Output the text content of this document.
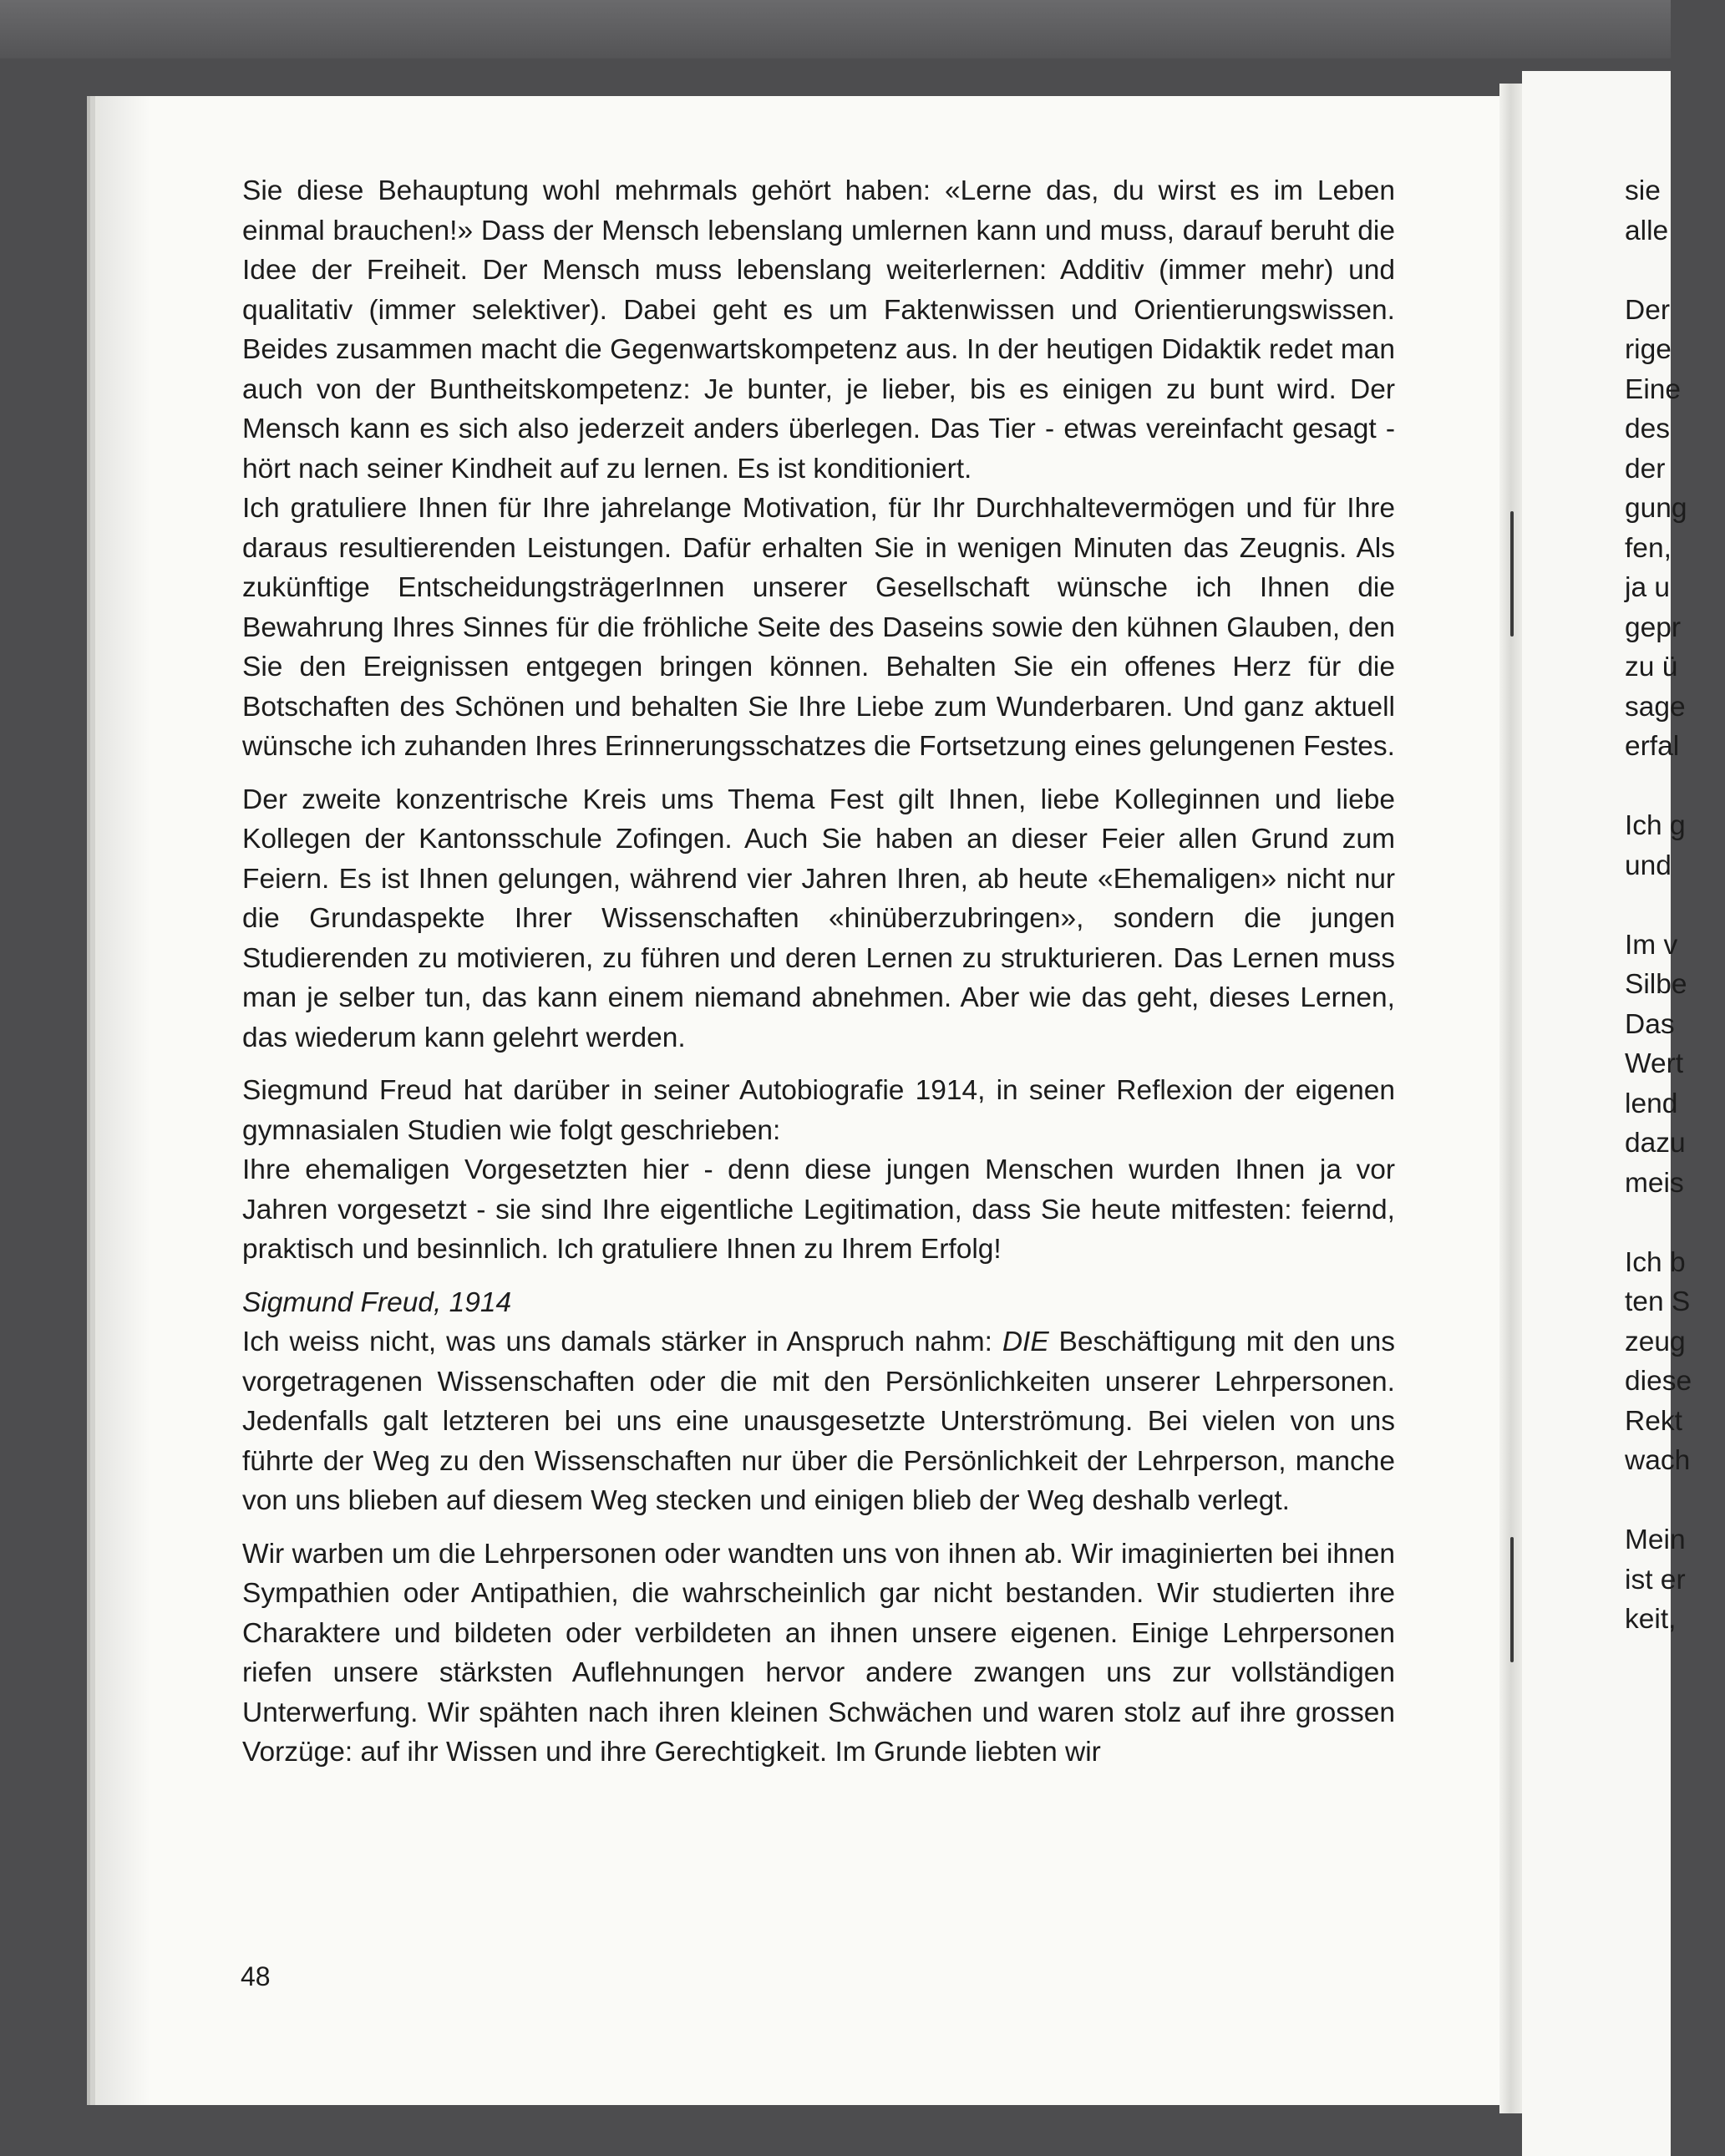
Sie diese Behauptung wohl mehrmals gehört haben: «Lerne das, du wirst es im Leben einmal brauchen!» Dass der Mensch lebenslang umlernen kann und muss, darauf beruht die Idee der Freiheit. Der Mensch muss lebenslang weiterlernen: Additiv (immer mehr) und qualitativ (immer selektiver). Dabei geht es um Faktenwissen und Orientierungswissen. Beides zusammen macht die Gegenwartskompetenz aus. In der heutigen Didaktik redet man auch von der Buntheitskompetenz: Je bunter, je lieber, bis es einigen zu bunt wird. Der Mensch kann es sich also jederzeit anders überlegen. Das Tier - etwas vereinfacht gesagt - hört nach seiner Kindheit auf zu lernen. Es ist konditioniert.

Ich gratuliere Ihnen für Ihre jahrelange Motivation, für Ihr Durchhaltevermögen und für Ihre daraus resultierenden Leistungen. Dafür erhalten Sie in wenigen Minuten das Zeugnis. Als zukünftige EntscheidungsträgerInnen unserer Gesellschaft wünsche ich Ihnen die Bewahrung Ihres Sinnes für die fröhliche Seite des Daseins sowie den kühnen Glauben, den Sie den Ereignissen entgegen bringen können. Behalten Sie ein offenes Herz für die Botschaften des Schönen und behalten Sie Ihre Liebe zum Wunderbaren. Und ganz aktuell wünsche ich zuhanden Ihres Erinnerungsschatzes die Fortsetzung eines gelungenen Festes.

Der zweite konzentrische Kreis ums Thema Fest gilt Ihnen, liebe Kolleginnen und liebe Kollegen der Kantonsschule Zofingen. Auch Sie haben an dieser Feier allen Grund zum Feiern. Es ist Ihnen gelungen, während vier Jahren Ihren, ab heute «Ehemaligen» nicht nur die Grundaspekte Ihrer Wissenschaften «hinüberzubringen», sondern die jungen Studierenden zu motivieren, zu führen und deren Lernen zu strukturieren. Das Lernen muss man je selber tun, das kann einem niemand abnehmen. Aber wie das geht, dieses Lernen, das wiederum kann gelehrt werden.

Siegmund Freud hat darüber in seiner Autobiografie 1914, in seiner Reflexion der eigenen gymnasialen Studien wie folgt geschrieben:

Ihre ehemaligen Vorgesetzten hier - denn diese jungen Menschen wurden Ihnen ja vor Jahren vorgesetzt - sie sind Ihre eigentliche Legitimation, dass Sie heute mitfesten: feiernd, praktisch und besinnlich. Ich gratuliere Ihnen zu Ihrem Erfolg!

Sigmund Freud, 1914

Ich weiss nicht, was uns damals stärker in Anspruch nahm: DIE Beschäftigung mit den uns vorgetragenen Wissenschaften oder die mit den Persönlichkeiten unserer Lehrpersonen. Jedenfalls galt letzteren bei uns eine unausgesetzte Unterströmung. Bei vielen von uns führte der Weg zu den Wissenschaften nur über die Persönlichkeit der Lehrperson, manche von uns blieben auf diesem Weg stecken und einigen blieb der Weg deshalb verlegt.

Wir warben um die Lehrpersonen oder wandten uns von ihnen ab. Wir imaginierten bei ihnen Sympathien oder Antipathien, die wahrscheinlich gar nicht bestanden. Wir studierten ihre Charaktere und bildeten oder verbildeten an ihnen unsere eigenen. Einige Lehrpersonen riefen unsere stärksten Auflehnungen hervor andere zwangen uns zur vollständigen Unterwerfung. Wir spähten nach ihren kleinen Schwächen und waren stolz auf ihre grossen Vorzüge: auf ihr Wissen und ihre Gerechtigkeit. Im Grunde liebten wir

48
sie
alle
Der
rige
Eine
des
der
gung
fen,
ja u
gepr
zu ü
sage
erfal
Ich g
und
Im v
Silbe
Das
Wert
lend
dazu
meis
Ich b
ten S
zeug
diese
Rekt
wach
Mein
ist er
keit,
